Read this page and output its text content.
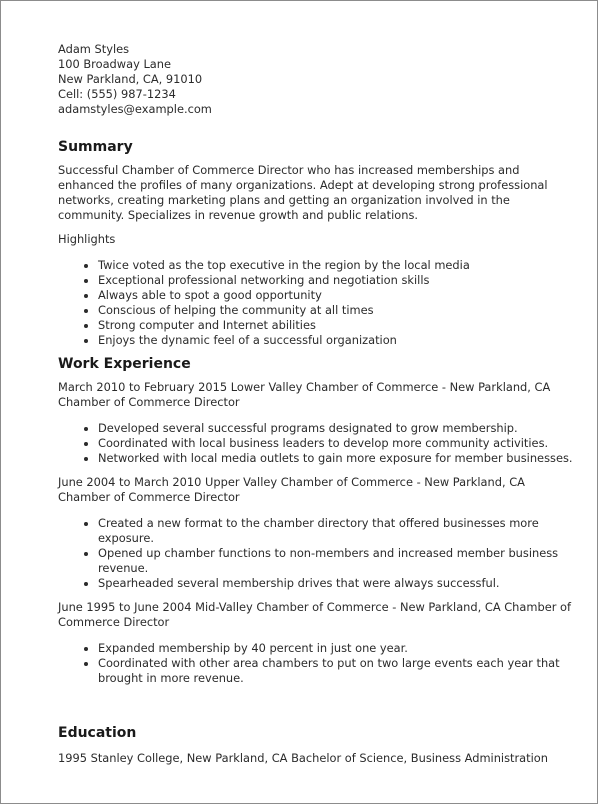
Adam Styles
100 Broadway Lane
New Parkland, CA, 91010
Cell: (555) 987-1234
adamstyles@example.com
Summary

Successful Chamber of Commerce Director who has increased memberships and enhanced the profiles of many organizations. Adept at developing strong professional networks, creating marketing plans and getting an organization involved in the community. Specializes in revenue growth and public relations.

Highlights

• Twice voted as the top executive in the region by the local media
• Exceptional professional networking and negotiation skills
• Always able to spot a good opportunity
• Conscious of helping the community at all times
• Strong computer and Internet abilities
• Enjoys the dynamic feel of a successful organization
Work Experience

March 2010 to February 2015 Lower Valley Chamber of Commerce - New Parkland, CA Chamber of Commerce Director

• Developed several successful programs designated to grow membership.
• Coordinated with local business leaders to develop more community activities.
• Networked with local media outlets to gain more exposure for member businesses.

June 2004 to March 2010 Upper Valley Chamber of Commerce - New Parkland, CA Chamber of Commerce Director

• Created a new format to the chamber directory that offered businesses more exposure.
• Opened up chamber functions to non-members and increased member business revenue.
• Spearheaded several membership drives that were always successful.

June 1995 to June 2004 Mid-Valley Chamber of Commerce - New Parkland, CA Chamber of Commerce Director

• Expanded membership by 40 percent in just one year.
• Coordinated with other area chambers to put on two large events each year that brought in more revenue.
Education

1995 Stanley College, New Parkland, CA Bachelor of Science, Business Administration
